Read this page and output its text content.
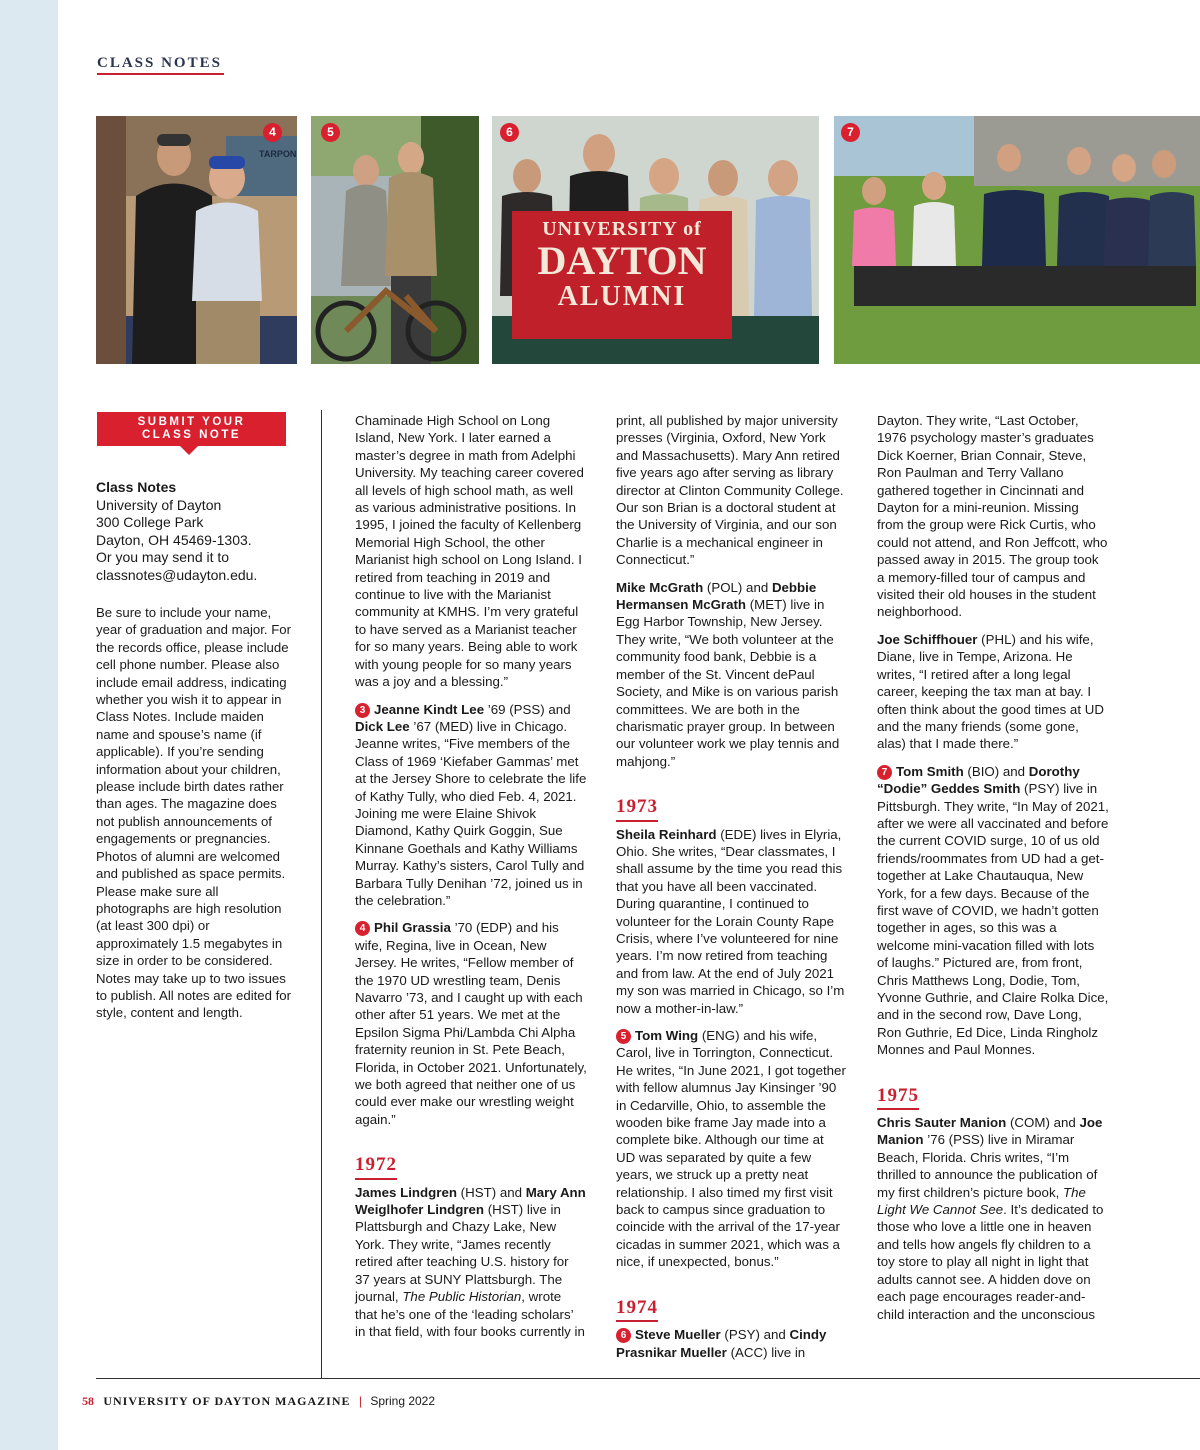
CLASS NOTES
4
TARPON
5
UNIVERSITY of
DAYTON
ALUMNI
6	7
SUBMIT YOUR
CLASS NOTE
Class Notes
University of Dayton
300 College Park
Dayton, OH 45469-1303.
Or you may send it to
classnotes@udayton.edu.
Be sure to include your name, year of graduation and major. For the records office, please include cell phone number. Please also include email address, indicating whether you wish it to appear in Class Notes. Include maiden name and spouse’s name (if applicable). If you’re sending information about your children, please include birth dates rather than ages. The magazine does not publish announcements of engagements or pregnancies. Photos of alumni are welcomed and published as space permits. Please make sure all photographs are high resolution (at least 300 dpi) or approximately 1.5 megabytes in size in order to be considered. Notes may take up to two issues to publish. All notes are edited for style, content and length.

Chaminade High School on Long Island, New York. I later earned a master’s degree in math from Adelphi University. My teaching career covered all levels of high school math, as well as various administrative positions. In 1995, I joined the faculty of Kellenberg Memorial High School, the other Marianist high school on Long Island. I retired from teaching in 2019 and continue to live with the Marianist community at KMHS. I’m very grateful to have served as a Marianist teacher for so many years. Being able to work with young people for so many years was a joy and a blessing.”

3 Jeanne Kindt Lee ’69 (PSS) and Dick Lee ’67 (MED) live in Chicago. Jeanne writes, “Five members of the Class of 1969 ‘Kiefaber Gammas’ met at the Jersey Shore to celebrate the life of Kathy Tully, who died Feb. 4, 2021. Joining me were Elaine Shivok Diamond, Kathy Quirk Goggin, Sue Kinnane Goethals and Kathy Williams Murray. Kathy’s sisters, Carol Tully and Barbara Tully Denihan ’72, joined us in the celebration.”

4 Phil Grassia ’70 (EDP) and his wife, Regina, live in Ocean, New Jersey. He writes, “Fellow member of the 1970 UD wrestling team, Denis Navarro ’73, and I caught up with each other after 51 years. We met at the Epsilon Sigma Phi/Lambda Chi Alpha fraternity reunion in St. Pete Beach, Florida, in October 2021. Unfortunately, we both agreed that neither one of us could ever make our wrestling weight again.”

1972

James Lindgren (HST) and Mary Ann Weiglhofer Lindgren (HST) live in Plattsburgh and Chazy Lake, New York. They write, “James recently retired after teaching U.S. history for 37 years at SUNY Plattsburgh. The journal, The Public Historian, wrote that he’s one of the ‘leading scholars’ in that field, with four books currently in

print, all published by major university presses (Virginia, Oxford, New York and Massachusetts). Mary Ann retired five years ago after serving as library director at Clinton Community College. Our son Brian is a doctoral student at the University of Virginia, and our son Charlie is a mechanical engineer in Connecticut.”

Mike McGrath (POL) and Debbie Hermansen McGrath (MET) live in Egg Harbor Township, New Jersey. They write, “We both volunteer at the community food bank, Debbie is a member of the St. Vincent dePaul Society, and Mike is on various parish committees. We are both in the charismatic prayer group. In between our volunteer work we play tennis and mahjong.”

1973

Sheila Reinhard (EDE) lives in Elyria, Ohio. She writes, “Dear classmates, I shall assume by the time you read this that you have all been vaccinated. During quarantine, I continued to volunteer for the Lorain County Rape Crisis, where I’ve volunteered for nine years. I’m now retired from teaching and from law. At the end of July 2021 my son was married in Chicago, so I’m now a mother-in-law.”

5 Tom Wing (ENG) and his wife, Carol, live in Torrington, Connecticut. He writes, “In June 2021, I got together with fellow alumnus Jay Kinsinger ’90 in Cedarville, Ohio, to assemble the wooden bike frame Jay made into a complete bike. Although our time at UD was separated by quite a few years, we struck up a pretty neat relationship. I also timed my first visit back to campus since graduation to coincide with the arrival of the 17-year cicadas in summer 2021, which was a nice, if unexpected, bonus.”

1974

6 Steve Mueller (PSY) and Cindy Prasnikar Mueller (ACC) live in

Dayton. They write, “Last October, 1976 psychology master’s graduates Dick Koerner, Brian Connair, Steve, Ron Paulman and Terry Vallano gathered together in Cincinnati and Dayton for a mini-reunion. Missing from the group were Rick Curtis, who could not attend, and Ron Jeffcott, who passed away in 2015. The group took a memory-filled tour of campus and visited their old houses in the student neighborhood.

Joe Schiffhouer (PHL) and his wife, Diane, live in Tempe, Arizona. He writes, “I retired after a long legal career, keeping the tax man at bay. I often think about the good times at UD and the many friends (some gone, alas) that I made there.”

7 Tom Smith (BIO) and Dorothy “Dodie” Geddes Smith (PSY) live in Pittsburgh. They write, “In May of 2021, after we were all vaccinated and before the current COVID surge, 10 of us old friends/roommates from UD had a get-together at Lake Chautauqua, New York, for a few days. Because of the first wave of COVID, we hadn’t gotten together in ages, so this was a welcome mini-vacation filled with lots of laughs.” Pictured are, from front, Chris Matthews Long, Dodie, Tom, Yvonne Guthrie, and Claire Rolka Dice, and in the second row, Dave Long, Ron Guthrie, Ed Dice, Linda Ringholz Monnes and Paul Monnes.

1975

Chris Sauter Manion (COM) and Joe Manion ’76 (PSS) live in Miramar Beach, Florida. Chris writes, “I’m thrilled to announce the publication of my first children’s picture book, The Light We Cannot See. It’s dedicated to those who love a little one in heaven and tells how angels fly children to a toy store to play all night in light that adults cannot see. A hidden dove on each page encourages reader-and-child interaction and the unconscious

58 UNIVERSITY OF DAYTON MAGAZINE | Spring 2022
